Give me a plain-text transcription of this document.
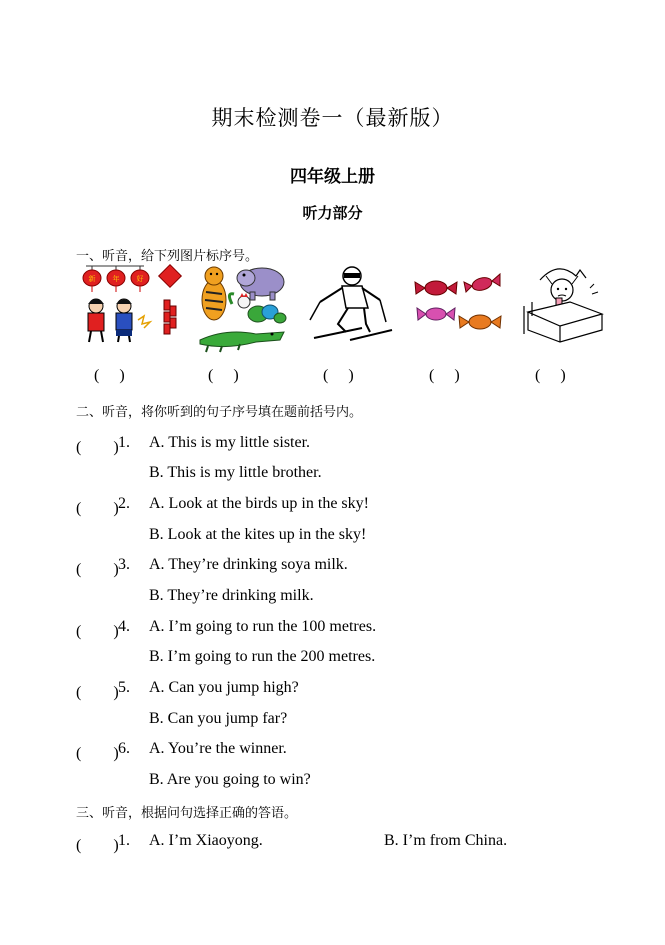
期末检测卷一（最新版）
四年级上册
听力部分
一、听音，给下列图片标序号。
新 年 好
(　 )	(　 )	(　 )	(　 )	(　 )
二、听音，将你听到的句子序号填在题前括号内。
(　　) 1. A. This is my little sister.
B. This is my little brother.
(　　) 2. A. Look at the birds up in the sky!
B. Look at the kites up in the sky!
(　　) 3. A. They’re drinking soya milk.
B. They’re drinking milk.
(　　) 4. A. I’m going to run the 100 metres.
B. I’m going to run the 200 metres.
(　　) 5. A. Can you jump high?
B. Can you jump far?
(　　) 6. A. You’re the winner.
B. Are you going to win?
三、听音，根据问句选择正确的答语。
(　　) 1. A. I’m Xiaoyong.	B. I’m from China.
